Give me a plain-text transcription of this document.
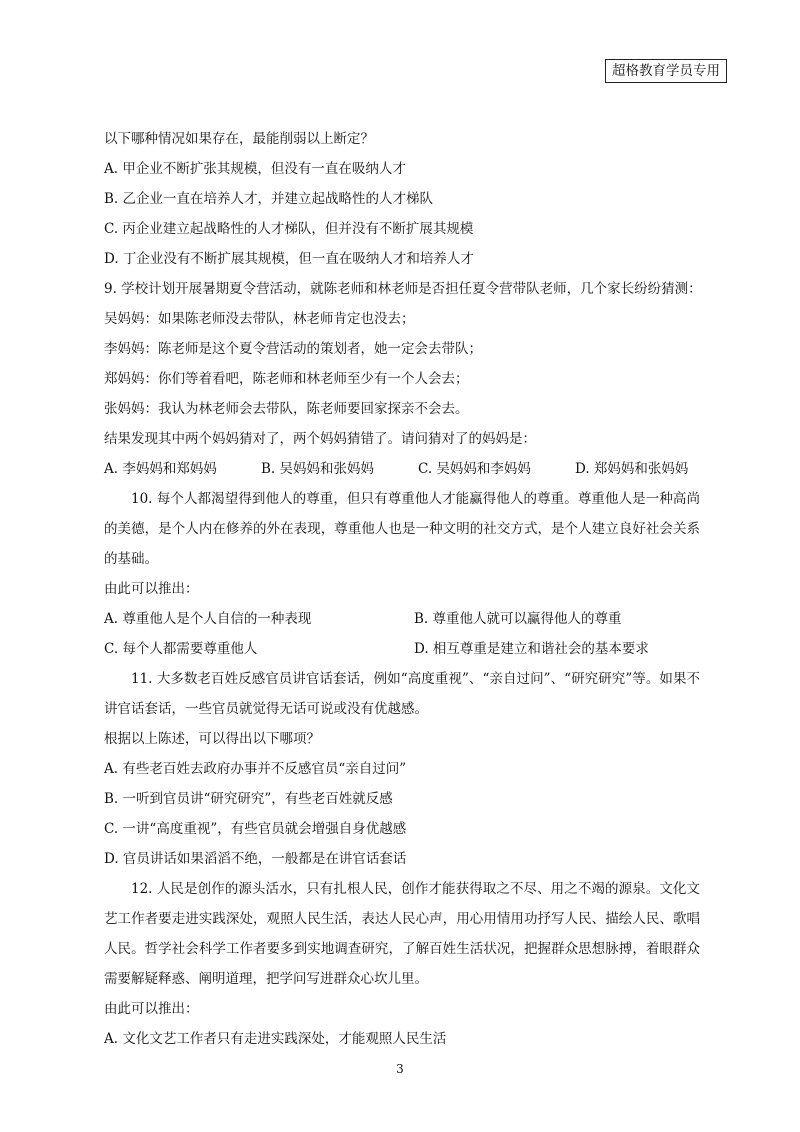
超格教育学员专用

以下哪种情况如果存在，最能削弱以上断定？

A. 甲企业不断扩张其规模，但没有一直在吸纳人才

B. 乙企业一直在培养人才，并建立起战略性的人才梯队

C. 丙企业建立起战略性的人才梯队，但并没有不断扩展其规模

D. 丁企业没有不断扩展其规模，但一直在吸纳人才和培养人才

9. 学校计划开展暑期夏令营活动，就陈老师和林老师是否担任夏令营带队老师，几个家长纷纷猜测：

吴妈妈：如果陈老师没去带队，林老师肯定也没去；

李妈妈：陈老师是这个夏令营活动的策划者，她一定会去带队；

郑妈妈：你们等着看吧，陈老师和林老师至少有一个人会去；

张妈妈：我认为林老师会去带队，陈老师要回家探亲不会去。

结果发现其中两个妈妈猜对了，两个妈妈猜错了。请问猜对了的妈妈是：

A. 李妈妈和郑妈妈	B. 吴妈妈和张妈妈	C. 吴妈妈和李妈妈	D. 郑妈妈和张妈妈

10. 每个人都渴望得到他人的尊重，但只有尊重他人才能赢得他人的尊重。尊重他人是一种高尚的美德，是个人内在修养的外在表现，尊重他人也是一种文明的社交方式，是个人建立良好社会关系的基础。

由此可以推出：

A. 尊重他人是个人自信的一种表现	B. 尊重他人就可以赢得他人的尊重
C. 每个人都需要尊重他人	D. 相互尊重是建立和谐社会的基本要求

11. 大多数老百姓反感官员讲官话套话，例如“高度重视”、“亲自过问”、“研究研究”等。如果不讲官话套话，一些官员就觉得无话可说或没有优越感。

根据以上陈述，可以得出以下哪项？

A. 有些老百姓去政府办事并不反感官员“亲自过问”

B. 一听到官员讲“研究研究”，有些老百姓就反感

C. 一讲“高度重视”，有些官员就会增强自身优越感

D. 官员讲话如果滔滔不绝，一般都是在讲官话套话

12. 人民是创作的源头活水，只有扎根人民，创作才能获得取之不尽、用之不竭的源泉。文化文艺工作者要走进实践深处，观照人民生活，表达人民心声，用心用情用功抒写人民、描绘人民、歌唱人民。哲学社会科学工作者要多到实地调查研究，了解百姓生活状况，把握群众思想脉搏，着眼群众需要解疑释惑、阐明道理，把学问写进群众心坎儿里。

由此可以推出：

A. 文化文艺工作者只有走进实践深处，才能观照人民生活

3
